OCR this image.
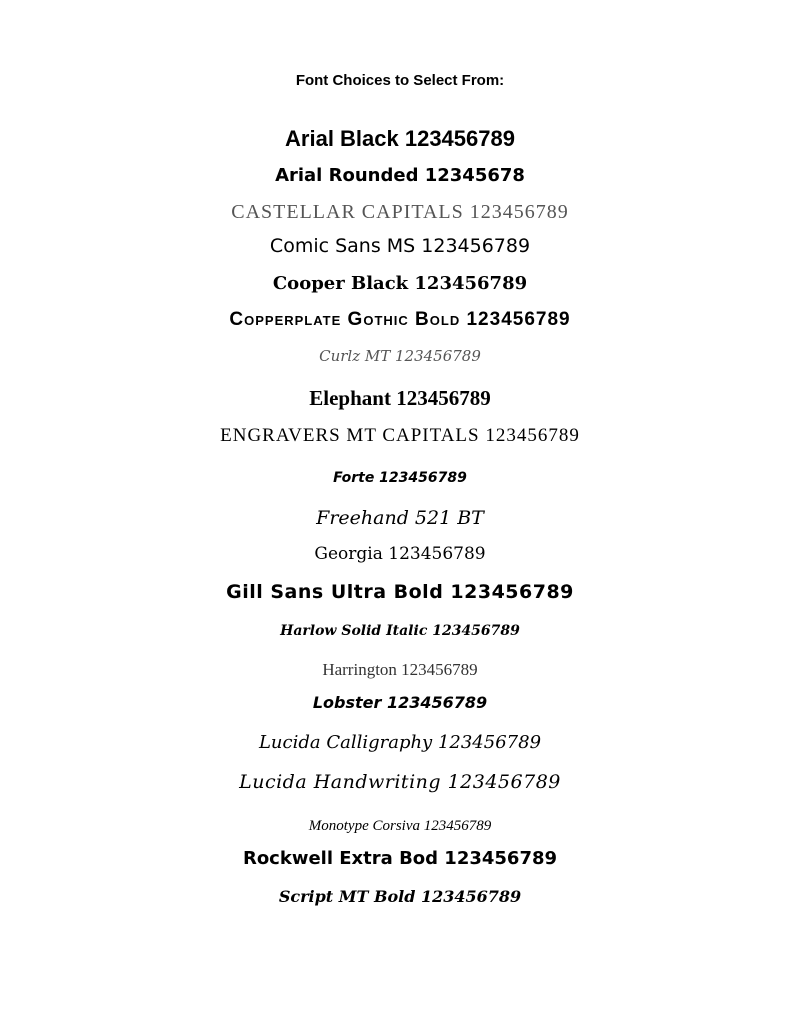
Font Choices to Select From:
Arial Black 123456789
Arial Rounded 12345678
CASTELLAR CAPITALS 123456789
Comic Sans MS 123456789
Cooper Black 123456789
Copperplate Gothic Bold 123456789
Curlz MT 123456789
Elephant 123456789
ENGRAVERS MT CAPITALS 123456789
Forte 123456789
Freehand 521 BT
Georgia 123456789
Gill Sans Ultra Bold 123456789
Harlow Solid Italic 123456789
Harrington 123456789
Lobster 123456789
Lucida Calligraphy 123456789
Lucida Handwriting 123456789
Monotype Corsiva 123456789
Rockwell Extra Bod 123456789
Script MT Bold 123456789
